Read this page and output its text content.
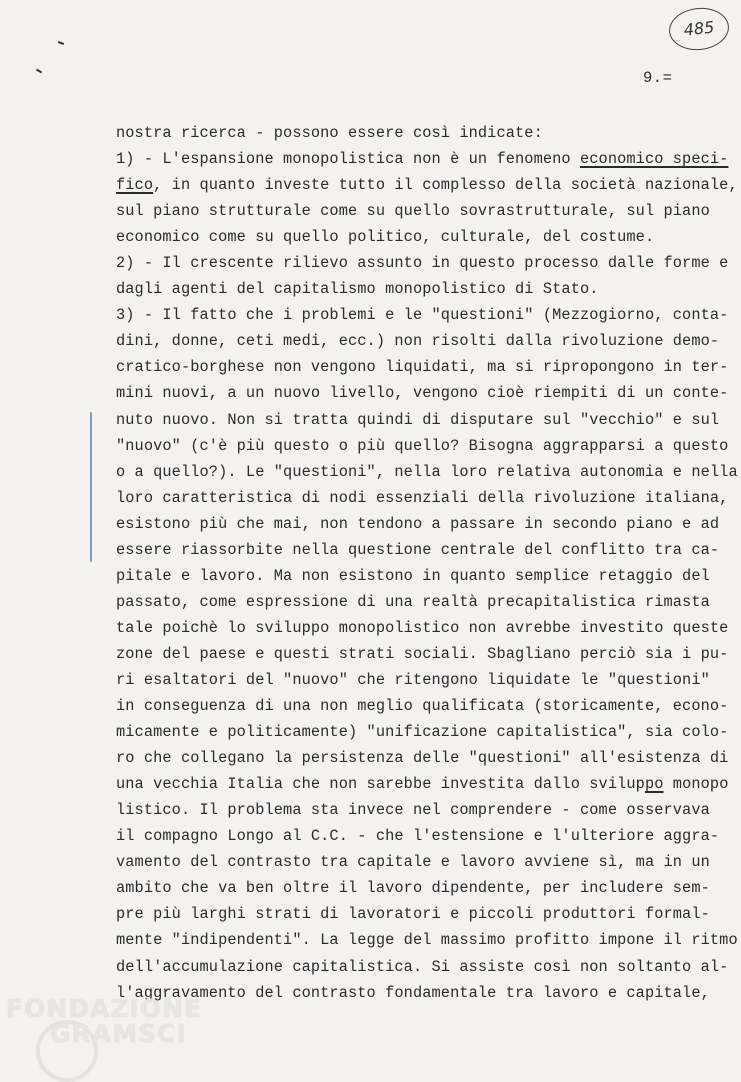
485
9.=
nostra ricerca - possono essere così indicate:
1) - L'espansione monopolistica non è un fenomeno economico speci-
fico, in quanto investe tutto il complesso della società nazionale,
sul piano strutturale come su quello sovrastrutturale, sul piano
economico come su quello politico, culturale, del costume.
2) - Il crescente rilievo assunto in questo processo dalle forme e
dagli agenti del capitalismo monopolistico di Stato.
3) - Il fatto che i problemi e le "questioni" (Mezzogiorno, conta-
dini, donne, ceti medi, ecc.) non risolti dalla rivoluzione demo-
cratico-borghese non vengono liquidati, ma si ripropongono in ter-
mini nuovi, a un nuovo livello, vengono cioè riempiti di un conte-
nuto nuovo. Non si tratta quindi di disputare sul "vecchio" e sul
"nuovo" (c'è più questo o più quello? Bisogna aggrapparsi a questo
o a quello?). Le "questioni", nella loro relativa autonomia e nella
loro caratteristica di nodi essenziali della rivoluzione italiana,
esistono più che mai, non tendono a passare in secondo piano e ad
essere riassorbite nella questione centrale del conflitto tra ca-
pitale e lavoro. Ma non esistono in quanto semplice retaggio del
passato, come espressione di una realtà precapitalistica rimasta
tale poichè lo sviluppo monopolistico non avrebbe investito queste
zone del paese e questi strati sociali. Sbagliano perciò sia i pu-
ri esaltatori del "nuovo" che ritengono liquidate le "questioni"
in conseguenza di una non meglio qualificata (storicamente, econo-
micamente e politicamente) "unificazione capitalistica", sia colo-
ro che collegano la persistenza delle "questioni" all'esistenza di
una vecchia Italia che non sarebbe investita dallo sviluppo monopo
listico. Il problema sta invece nel comprendere - come osservava
il compagno Longo al C.C. - che l'estensione e l'ulteriore aggra-
vamento del contrasto tra capitale e lavoro avviene sì, ma in un
ambito che va ben oltre il lavoro dipendente, per includere sem-
pre più larghi strati di lavoratori e piccoli produttori formal-
mente "indipendenti". La legge del massimo profitto impone il ritmo
dell'accumulazione capitalistica. Si assiste così non soltanto al-
l'aggravamento del contrasto fondamentale tra lavoro e capitale,
FONDAZIONE
GRAMSCI
